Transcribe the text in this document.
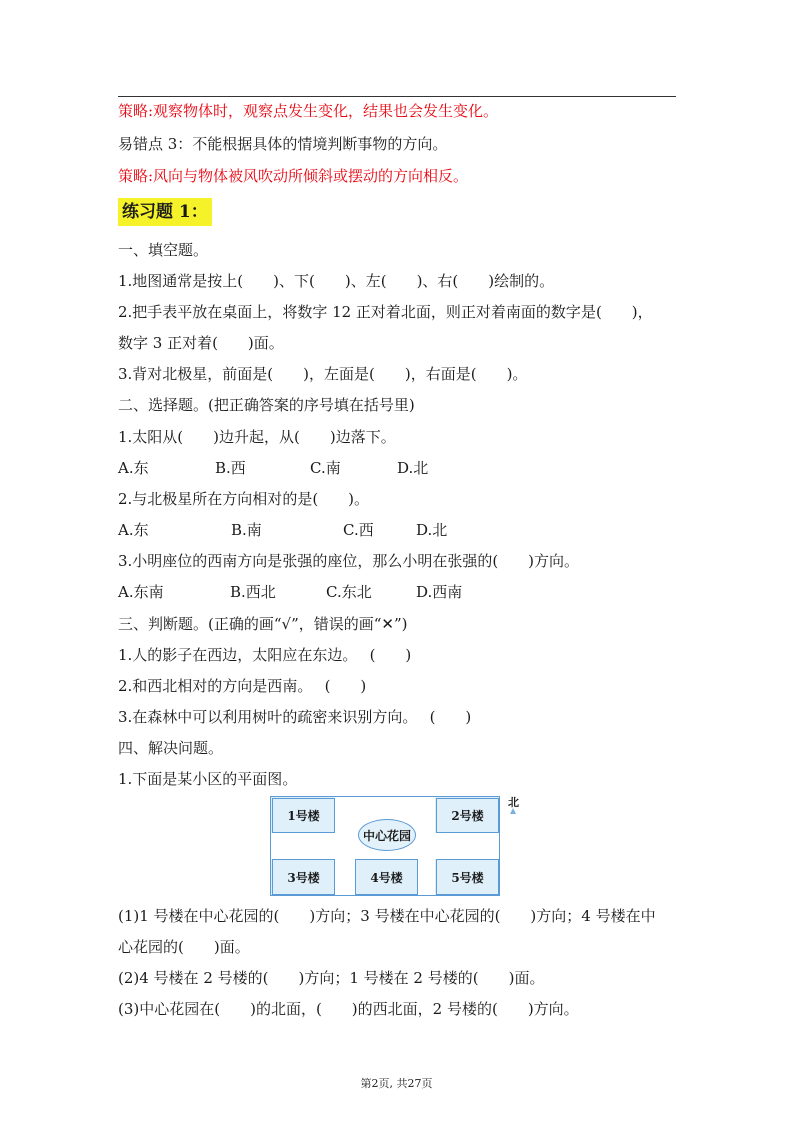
策略:观察物体时，观察点发生变化，结果也会发生变化。
易错点 3：不能根据具体的情境判断事物的方向。
策略:风向与物体被风吹动所倾斜或摆动的方向相反。
练习题 1：
一、填空题。
1.地图通常是按上(　　)、下(　　)、左(　　)、右(　　)绘制的。
2.把手表平放在桌面上，将数字 12 正对着北面，则正对着南面的数字是(　　)，
数字 3 正对着(　　)面。
3.背对北极星，前面是(　　)，左面是(　　)，右面是(　　)。
二、选择题。(把正确答案的序号填在括号里)
1.太阳从(　　)边升起，从(　　)边落下。
A.东	B.西	C.南	D.北
2.与北极星所在方向相对的是(　　)。
A.东	B.南	C.西	D.北
3.小明座位的西南方向是张强的座位，那么小明在张强的(　　)方向。
A.东南	B.西北	C.东北	D.西南
三、判断题。(正确的画“√”，错误的画“✕”)
1.人的影子在西边，太阳应在东边。　 (　　)
2.和西北相对的方向是西南。　 (　　)
3.在森林中可以利用树叶的疏密来识别方向。　 (　　)
四、解决问题。
1.下面是某小区的平面图。
1号楼	2号楼
3号楼	4号楼	5号楼
中心花园
北
(1)1 号楼在中心花园的(　　)方向；3 号楼在中心花园的(　　)方向；4 号楼在中
心花园的(　　)面。
(2)4 号楼在 2 号楼的(　　)方向；1 号楼在 2 号楼的(　　)面。
(3)中心花园在(　　)的北面，(　　)的西北面，2 号楼的(　　)方向。
第2页, 共27页
